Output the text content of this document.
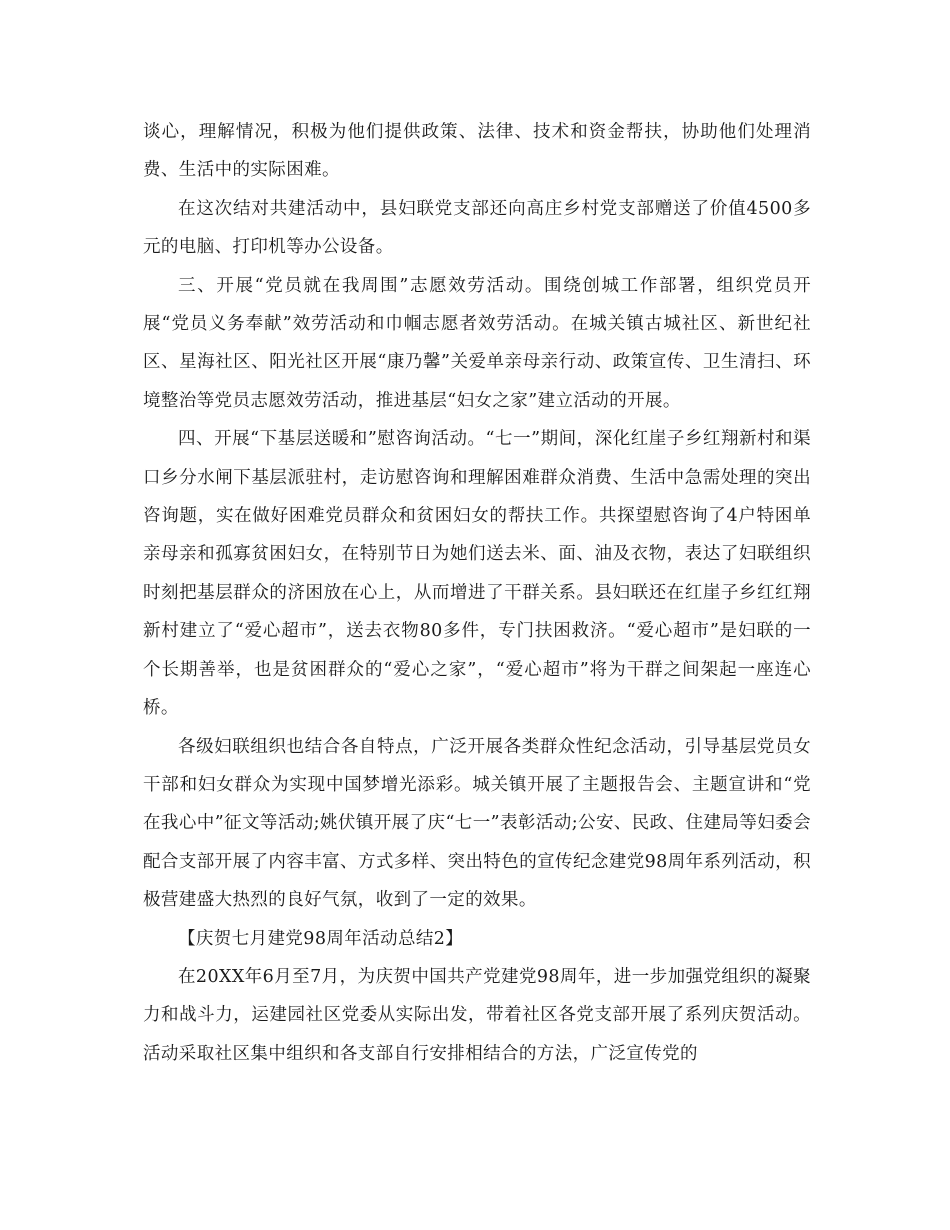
谈心，理解情况，积极为他们提供政策、法律、技术和资金帮扶，协助他们处理消费、生活中的实际困难。

在这次结对共建活动中，县妇联党支部还向高庄乡村党支部赠送了价值4500多元的电脑、打印机等办公设备。

三、开展“党员就在我周围”志愿效劳活动。围绕创城工作部署，组织党员开展“党员义务奉献”效劳活动和巾帼志愿者效劳活动。在城关镇古城社区、新世纪社区、星海社区、阳光社区开展“康乃馨”关爱单亲母亲行动、政策宣传、卫生清扫、环境整治等党员志愿效劳活动，推进基层“妇女之家”建立活动的开展。

四、开展“下基层送暖和”慰咨询活动。“七一”期间，深化红崖子乡红翔新村和渠口乡分水闸下基层派驻村，走访慰咨询和理解困难群众消费、生活中急需处理的突出咨询题，实在做好困难党员群众和贫困妇女的帮扶工作。共探望慰咨询了4户特困单亲母亲和孤寡贫困妇女，在特别节日为她们送去米、面、油及衣物，表达了妇联组织时刻把基层群众的济困放在心上，从而增进了干群关系。县妇联还在红崖子乡红红翔新村建立了“爱心超市”，送去衣物80多件，专门扶困救济。“爱心超市”是妇联的一个长期善举，也是贫困群众的“爱心之家”，“爱心超市”将为干群之间架起一座连心桥。

各级妇联组织也结合各自特点，广泛开展各类群众性纪念活动，引导基层党员女干部和妇女群众为实现中国梦增光添彩。城关镇开展了主题报告会、主题宣讲和“党在我心中”征文等活动;姚伏镇开展了庆“七一”表彰活动;公安、民政、住建局等妇委会配合支部开展了内容丰富、方式多样、突出特色的宣传纪念建党98周年系列活动，积极营建盛大热烈的良好气氛，收到了一定的效果。

【庆贺七月建党98周年活动总结2】

在20XX年6月至7月，为庆贺中国共产党建党98周年，进一步加强党组织的凝聚力和战斗力，运建园社区党委从实际出发，带着社区各党支部开展了系列庆贺活动。活动采取社区集中组织和各支部自行安排相结合的方法，广泛宣传党的
